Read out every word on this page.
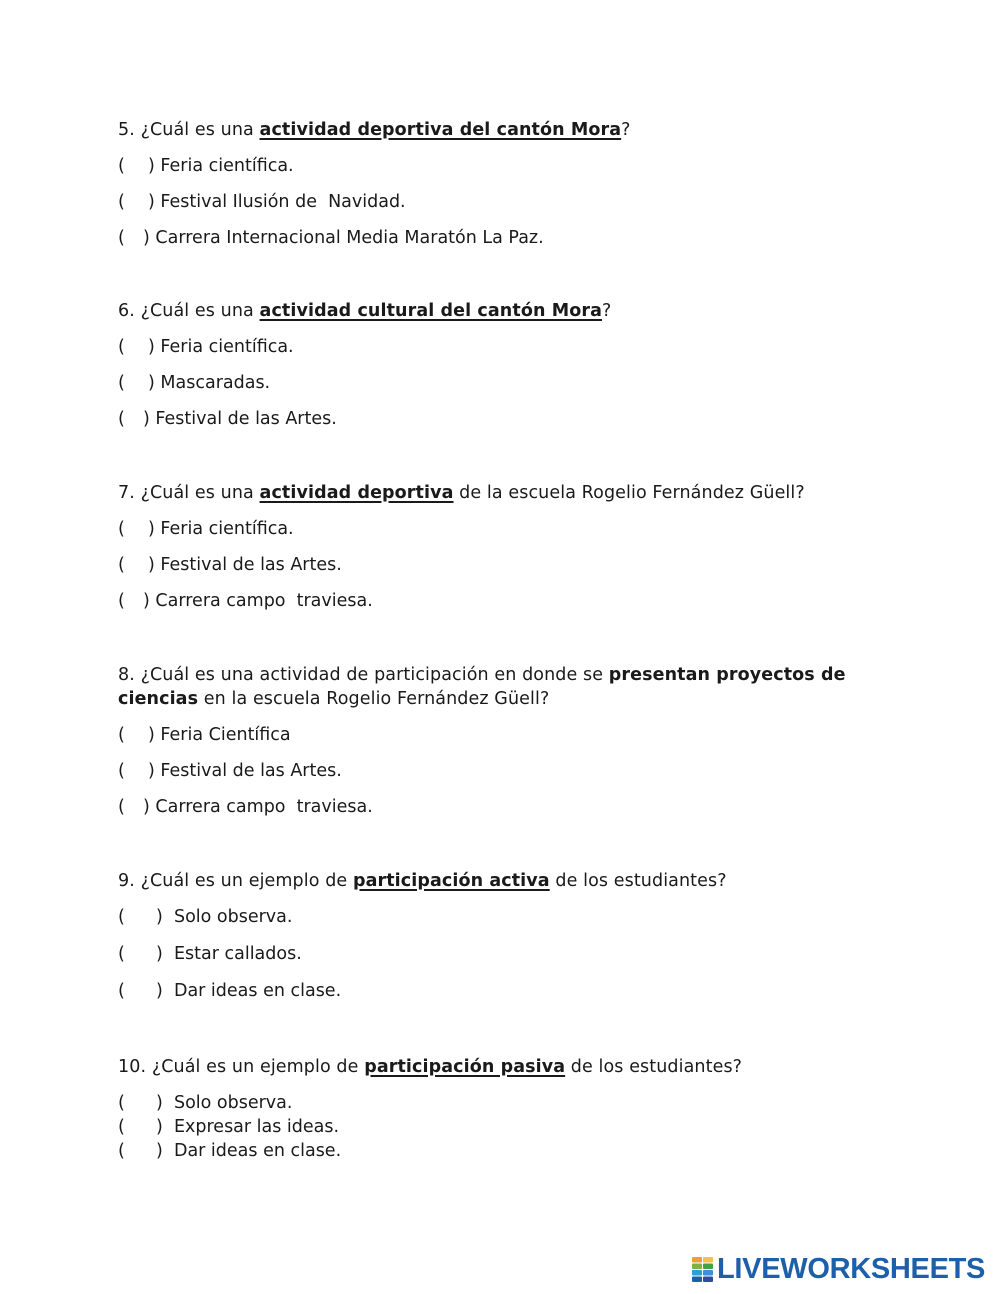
5. ¿Cuál es una actividad deportiva del cantón Mora?

( ) Feria científica.
( ) Festival Ilusión de  Navidad.
( ) Carrera Internacional Media Maratón La Paz.

6. ¿Cuál es una actividad cultural del cantón Mora?

( ) Feria científica.
( ) Mascaradas.
( ) Festival de las Artes.

7. ¿Cuál es una actividad deportiva de la escuela Rogelio Fernández Güell?

( ) Feria científica.
( ) Festival de las Artes.
( ) Carrera campo  traviesa.

8. ¿Cuál es una actividad de participación en donde se presentan proyectos de ciencias en la escuela Rogelio Fernández Güell?

( ) Feria Científica
( ) Festival de las Artes.
( ) Carrera campo  traviesa.

9. ¿Cuál es un ejemplo de participación activa de los estudiantes?

( ) Solo observa.
( ) Estar callados.
( ) Dar ideas en clase.

10. ¿Cuál es un ejemplo de participación pasiva de los estudiantes?

( ) Solo observa.
( ) Expresar las ideas.
( ) Dar ideas en clase.
LIVEWORKSHEETS
